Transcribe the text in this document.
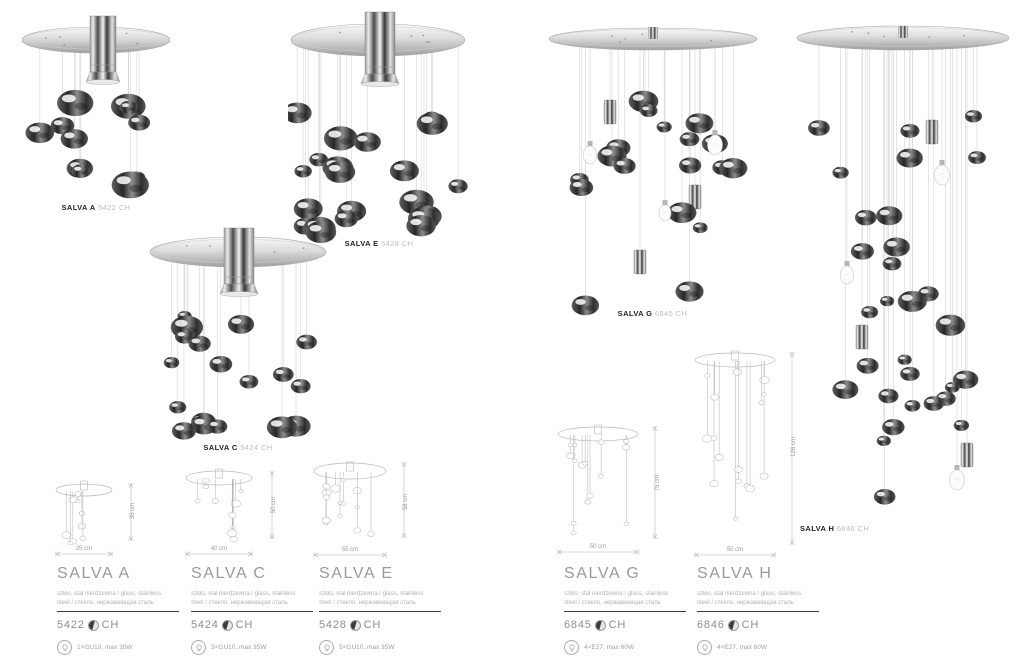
SALVA A 5422 CH
SALVA E 5428 CH
SALVA C 5424 CH
SALVA G 6845 CH
SALVA H 6846 CH
25 cm
35 cm
40 cm
50 cm
55 cm
58 cm
50 cm
75 cm
50 cm
126 cm
SALVA A

szkło, stal nierdzewna / glass, stainless
steel / стекло, нержавеющая сталь

5422 CH
1×GU10, max 35W
SALVA C

szkło, stal nierdzewna / glass, stainless
steel / стекло, нержавеющая сталь

5424 CH
3×GU10, max 35W
SALVA E

szkło, stal nierdzewna / glass, stainless
steel / стекло, нержавеющая сталь

5428 CH
5×GU10, max 35W
SALVA G

szkło, stal nierdzewna / glass, stainless
steel / стекло, нержавеющая сталь

6845 CH
4×E27, max 60W
SALVA H

szkło, stal nierdzewna / glass, stainless
steel / стекло, нержавеющая сталь

6846 CH
4×E27, max 60W
